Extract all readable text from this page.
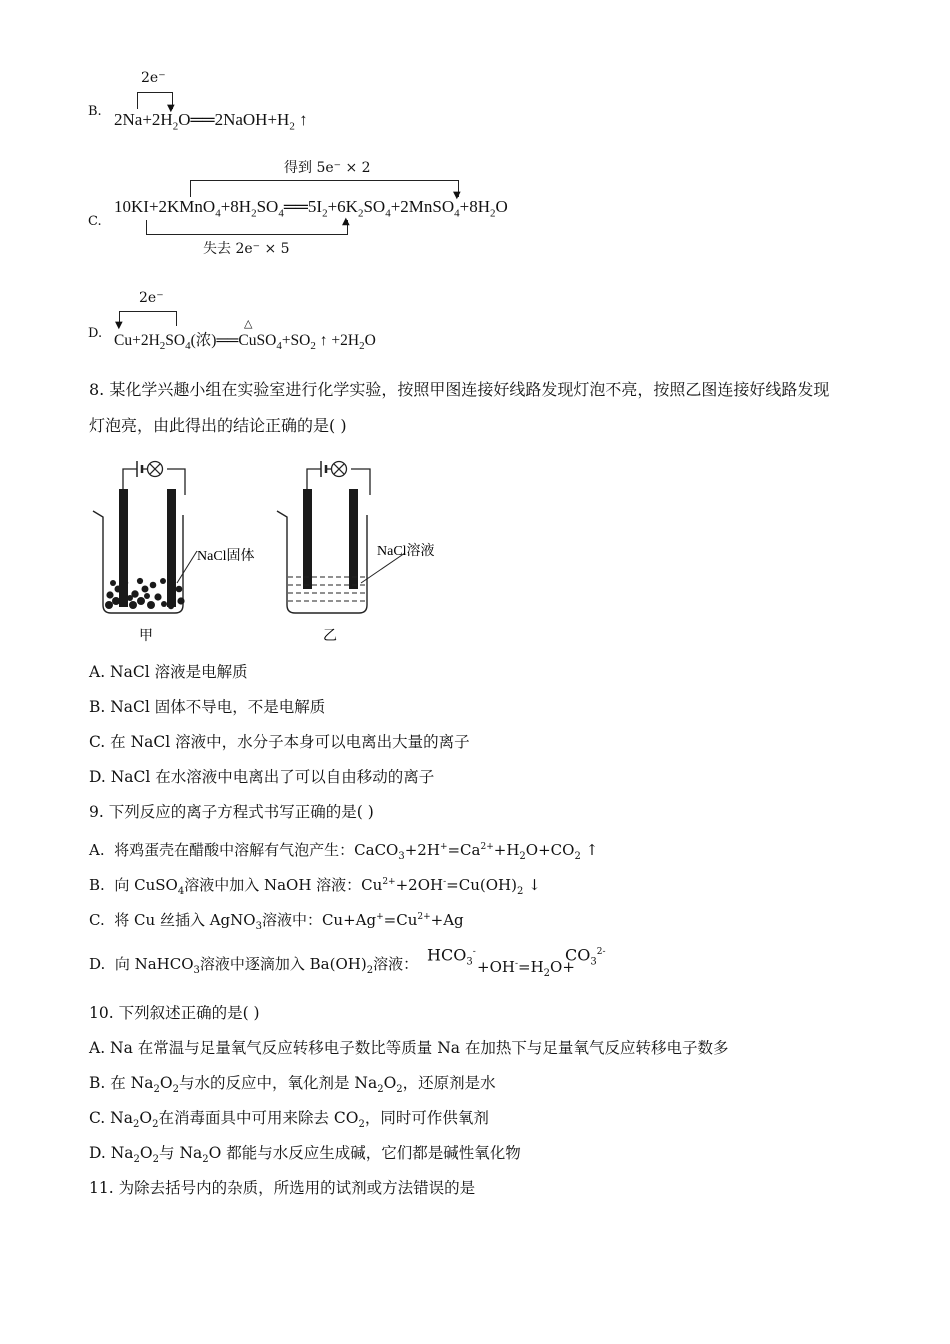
B.
2e⁻
▼
$2Na+2H_2O══2NaOH+H_2$ ↑
得到 5e⁻ × 2
▼
C.
$10KI+2KMnO_4+8H_2SO_4══5I_2+6K_2SO_4+2MnSO_4+8H_2O$
▲
失去 2e⁻ × 5
2e⁻
▼
D.
△
$Cu+2H_2SO_4$(浓)$══CuSO_4+SO_2$ ↑ $+2H_2O$
8. 某化学兴趣小组在实验室进行化学实验，按照甲图连接好线路发现灯泡不亮，按照乙图连接好线路发现
灯泡亮，由此得出的结论正确的是( )
NaCl固体
甲
NaCl溶液
乙
A. NaCl 溶液是电解质
B. NaCl 固体不导电，不是电解质
C. 在 NaCl 溶液中，水分子本身可以电离出大量的离子
D. NaCl 在水溶液中电离出了可以自由移动的离子
9. 下列反应的离子方程式书写正确的是( )
A. 将鸡蛋壳在醋酸中溶解有气泡产生：$CaCO_3+2H^+=Ca^{2+}+H_2O+CO_2$ ↑
B. 向 CuSO$_4$溶液中加入 NaOH 溶液：$Cu^{2+}+2OH^-=Cu(OH)_2$ ↓
C. 将 Cu 丝插入 AgNO$_3$溶液中：$Cu+Ag^+=Cu^{2+}+Ag$
D. 向 NaHCO$_3$溶液中逐滴加入 $Ba(OH)_2$溶液： $HCO_3^-$
$+OH^-=H_2O+$
$CO_3^{2-}$
10. 下列叙述正确的是( )
A. Na 在常温与足量氧气反应转移电子数比等质量 Na 在加热下与足量氧气反应转移电子数多
B. 在 $Na_2O_2$与水的反应中，氧化剂是 $Na_2O_2$，还原剂是水
C. $Na_2O_2$在消毒面具中可用来除去 $CO_2$，同时可作供氧剂
D. $Na_2O_2$与 $Na_2O$ 都能与水反应生成碱，它们都是碱性氧化物
11. 为除去括号内的杂质，所选用的试剂或方法错误的是
